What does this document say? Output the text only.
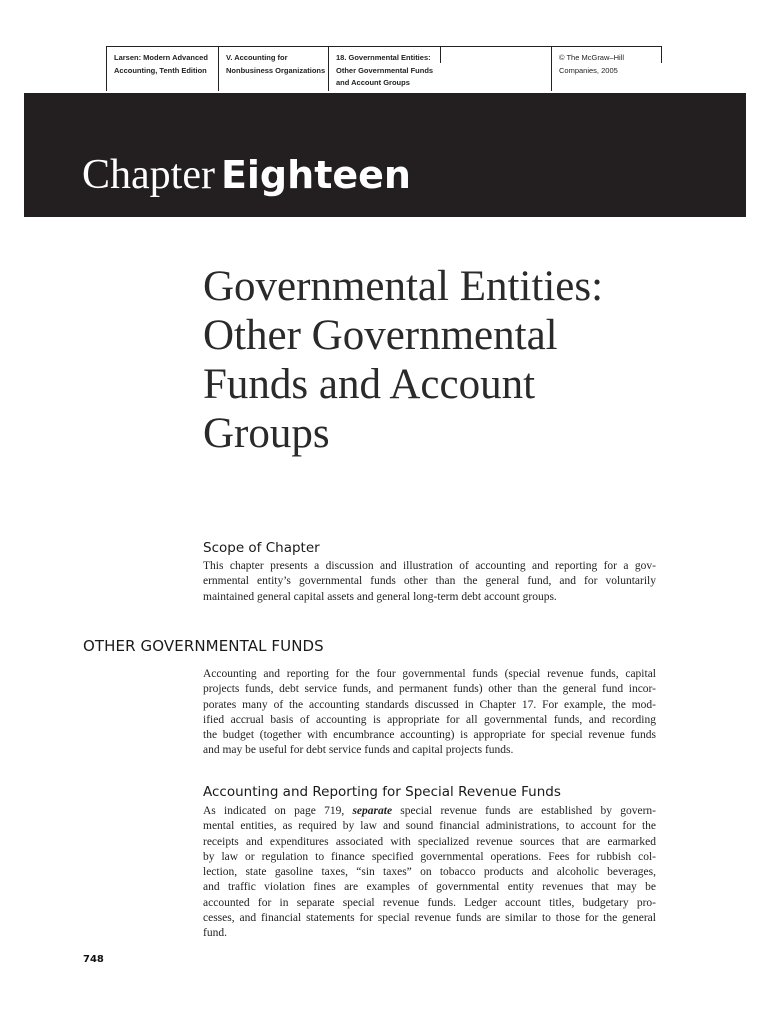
Larsen: Modern Advanced
Accounting, Tenth Edition
V. Accounting for
Nonbusiness Organizations
18. Governmental Entities:
Other Governmental Funds
and Account Groups
© The McGraw–Hill
Companies, 2005
Chapter Eighteen
Governmental Entities:
Other Governmental
Funds and Account
Groups
Scope of Chapter
This chapter presents a discussion and illustration of accounting and reporting for a gov-
ernmental entity’s governmental funds other than the general fund, and for voluntarily
maintained general capital assets and general long-term debt account groups.
OTHER GOVERNMENTAL FUNDS
Accounting and reporting for the four governmental funds (special revenue funds, capital
projects funds, debt service funds, and permanent funds) other than the general fund incor-
porates many of the accounting standards discussed in Chapter 17. For example, the mod-
ified accrual basis of accounting is appropriate for all governmental funds, and recording
the budget (together with encumbrance accounting) is appropriate for special revenue funds
and may be useful for debt service funds and capital projects funds.
Accounting and Reporting for Special Revenue Funds
As indicated on page 719, separate special revenue funds are established by govern-
mental entities, as required by law and sound financial administrations, to account for the
receipts and expenditures associated with specialized revenue sources that are earmarked
by law or regulation to finance specified governmental operations. Fees for rubbish col-
lection, state gasoline taxes, “sin taxes” on tobacco products and alcoholic beverages,
and traffic violation fines are examples of governmental entity revenues that may be
accounted for in separate special revenue funds. Ledger account titles, budgetary pro-
cesses, and financial statements for special revenue funds are similar to those for the general
fund.
748
